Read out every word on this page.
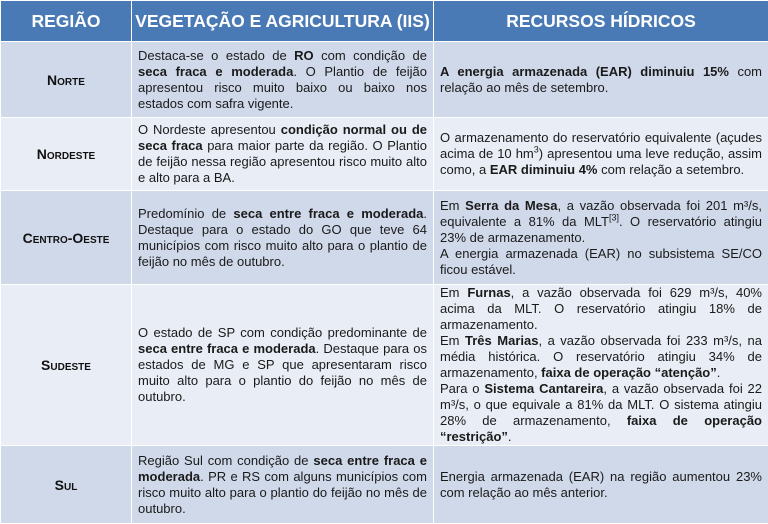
REGIÃO	VEGETAÇÃO E AGRICULTURA (IIS)	RECURSOS HÍDRICOS
Norte	Destaca-se o estado de RO com condição de seca fraca e moderada. O Plantio de feijão apresentou risco muito baixo ou baixo nos estados com safra vigente.	A energia armazenada (EAR) diminuiu 15% com relação ao mês de setembro.
Nordeste	O Nordeste apresentou condição normal ou de seca fraca para maior parte da região. O Plantio de feijão nessa região apresentou risco muito alto e alto para a BA.	O armazenamento do reservatório equivalente (açudes acima de 10 $hm^3$) apresentou uma leve redução, assim como, a EAR diminuiu 4% com relação a setembro.
Centro-Oeste	Predomínio de seca entre fraca e moderada. Destaque para o estado do GO que teve 64 municípios com risco muito alto para o plantio de feijão no mês de outubro.	Em Serra da Mesa, a vazão observada foi 201 m³/s, equivalente a 81% da MLT[3]. O reservatório atingiu 23% de armazenamento.
A energia armazenada (EAR) no subsistema SE/CO ficou estável.

Sudeste	O estado de SP com condição predominante de seca entre fraca e moderada. Destaque para os estados de MG e SP que apresentaram risco muito alto para o plantio do feijão no mês de outubro.	Em Furnas, a vazão observada foi 629 m³/s, 40% acima da MLT. O reservatório atingiu 18% de armazenamento.
Em Três Marias, a vazão observada foi 233 m³/s, na média histórica. O reservatório atingiu 34% de armazenamento, faixa de operação “atenção”.
Para o Sistema Cantareira, a vazão observada foi 22 m³/s, o que equivale a 81% da MLT. O sistema atingiu 28% de armazenamento, faixa de operação “restrição”.

Sul	Região Sul com condição de seca entre fraca e moderada. PR e RS com alguns municípios com risco muito alto para o plantio do feijão no mês de outubro.	Energia armazenada (EAR) na região aumentou 23% com relação ao mês anterior.
